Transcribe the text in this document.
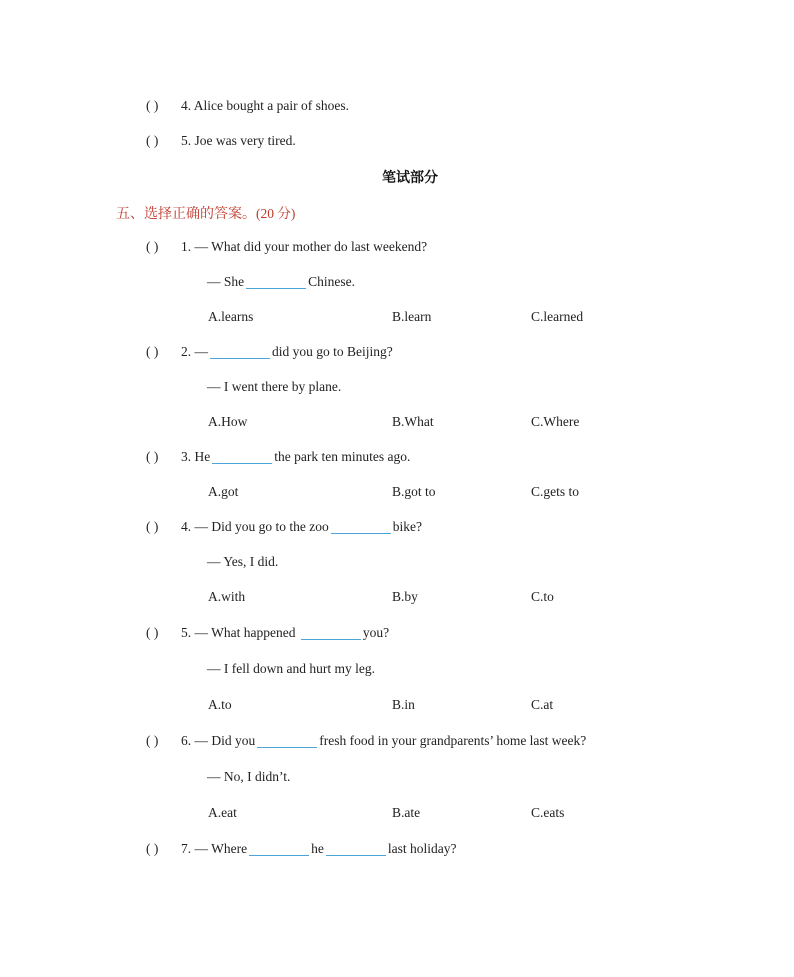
( ) 4. Alice bought a pair of shoes.
( ) 5. Joe was very tired.
笔试部分
五、选择正确的答案。(20 分)
( ) 1. — What did your mother do last weekend?
— She	Chinese.
A.learns	B.learn	C.learned
( ) 2. —	did you go to Beijing?
— I went there by plane.
A.How	B.What	C.Where
( ) 3. He	the park ten minutes ago.
A.got	B.got to	C.gets to
( ) 4. — Did you go to the zoo	bike?
— Yes, I did.
A.with	B.by	C.to
( ) 5. — What happened	you?
— I fell down and hurt my leg.
A.to	B.in	C.at
( ) 6. — Did you	fresh food in your grandparents’ home last week?
— No, I didn’t.
A.eat	B.ate	C.eats
( ) 7. — Where	he	last holiday?
